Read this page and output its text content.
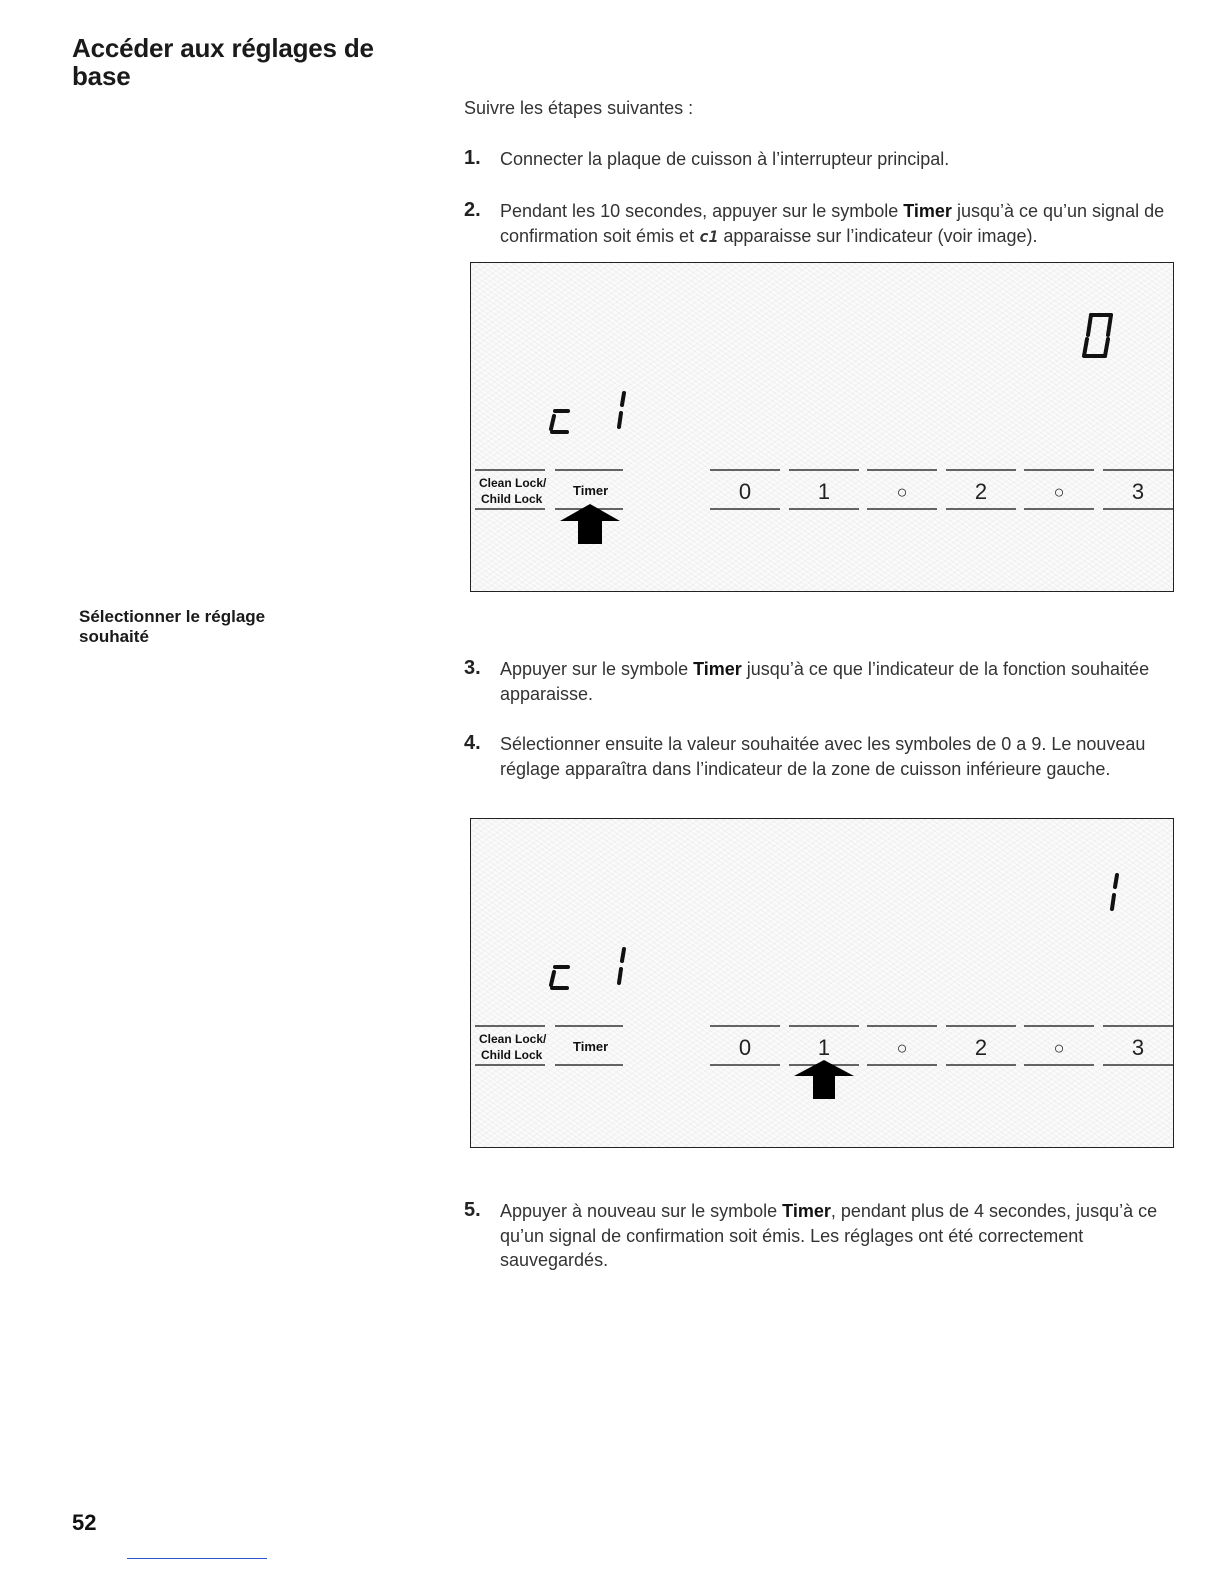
Accéder aux réglages de base
Sélectionner le réglage souhaité
Suivre les étapes suivantes :
1. Connecter la plaque de cuisson à l’interrupteur principal.
2. Pendant les 10 secondes, appuyer sur le symbole Timer jusqu’à ce qu’un signal de confirmation soit émis et c1 apparaisse sur l’indicateur (voir image).
Clean Lock/
Child Lock
Timer	0	1	○	2	○	3
3. Appuyer sur le symbole Timer jusqu’à ce que l’indicateur de la fonction souhaitée apparaisse.
4. Sélectionner ensuite la valeur souhaitée avec les symboles de 0 a 9. Le nouveau réglage apparaîtra dans l’indicateur de la zone de cuisson inférieure gauche.
Clean Lock/
Child Lock
Timer	0	1	○	2	○	3
5. Appuyer à nouveau sur le symbole Timer, pendant plus de 4 secondes, jusqu’à ce qu’un signal de confirmation soit émis. Les réglages ont été correctement sauvegardés.
52
